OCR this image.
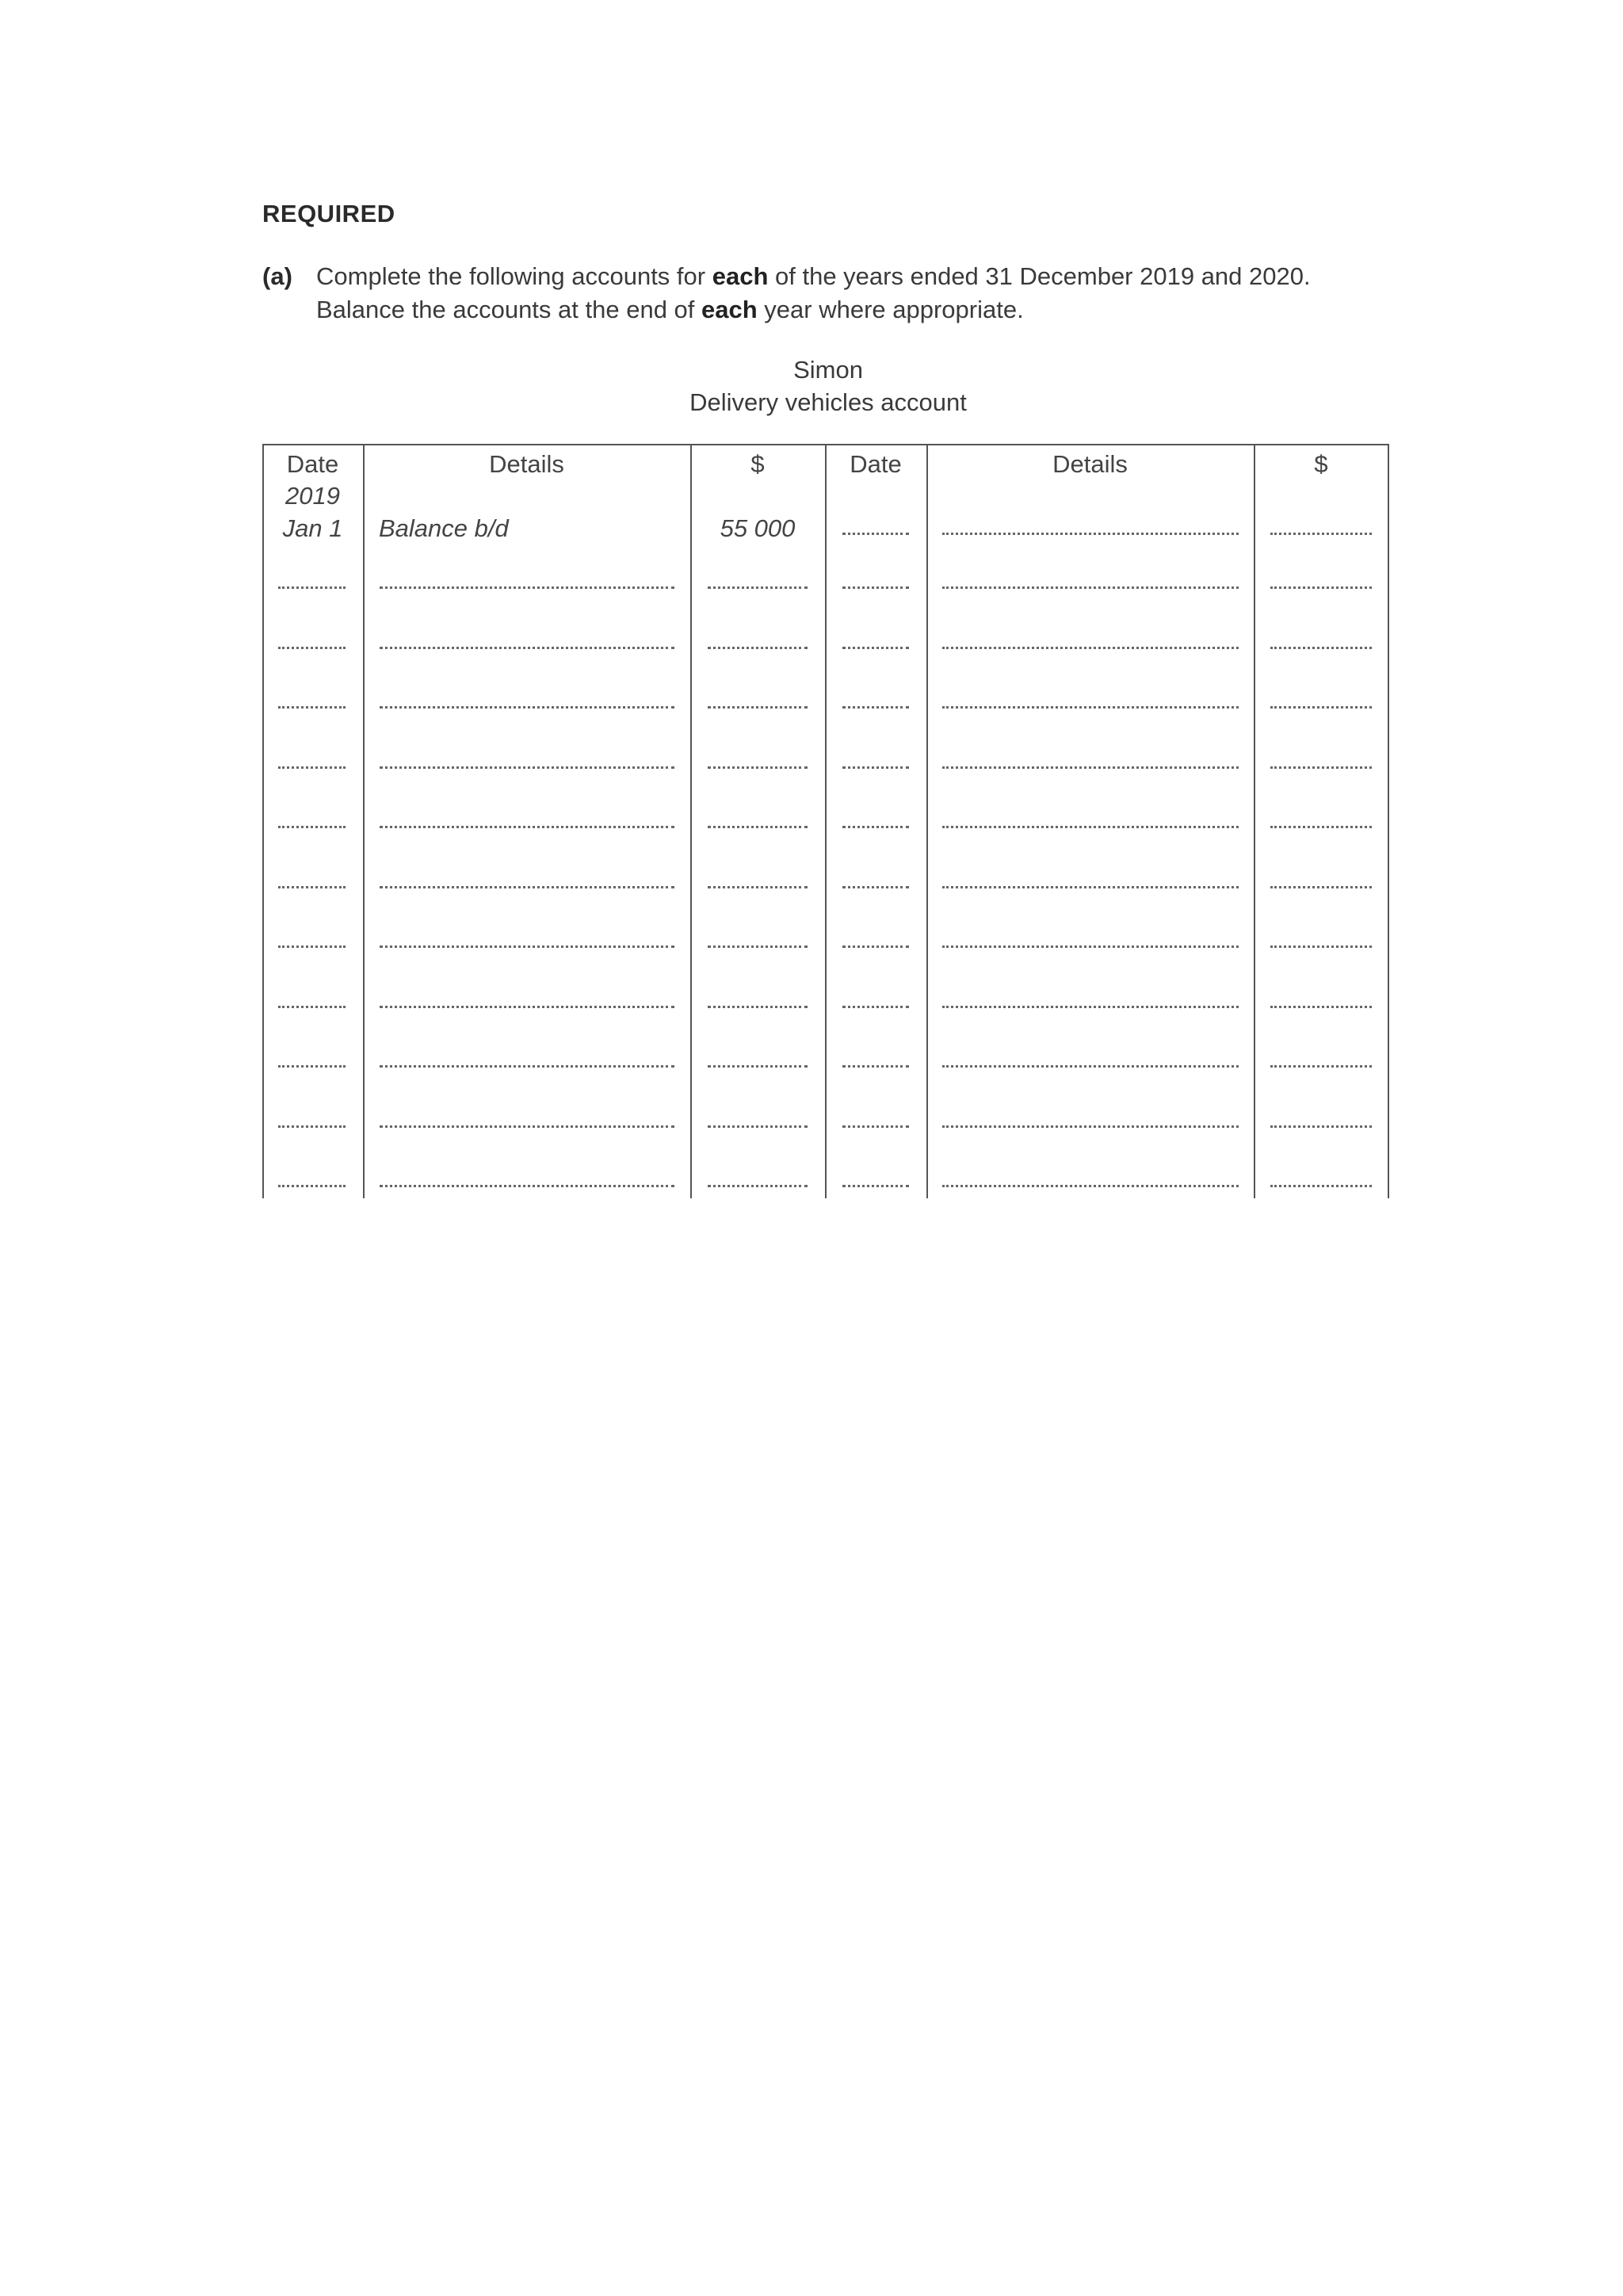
REQUIRED
(a) Complete the following accounts for each of the years ended 31 December 2019 and 2020.
Balance the accounts at the end of each year where appropriate.
Simon
Delivery vehicles account
Date	Details	$	Date	Details	$
2019
Jan 1	Balance b/d	55 000
